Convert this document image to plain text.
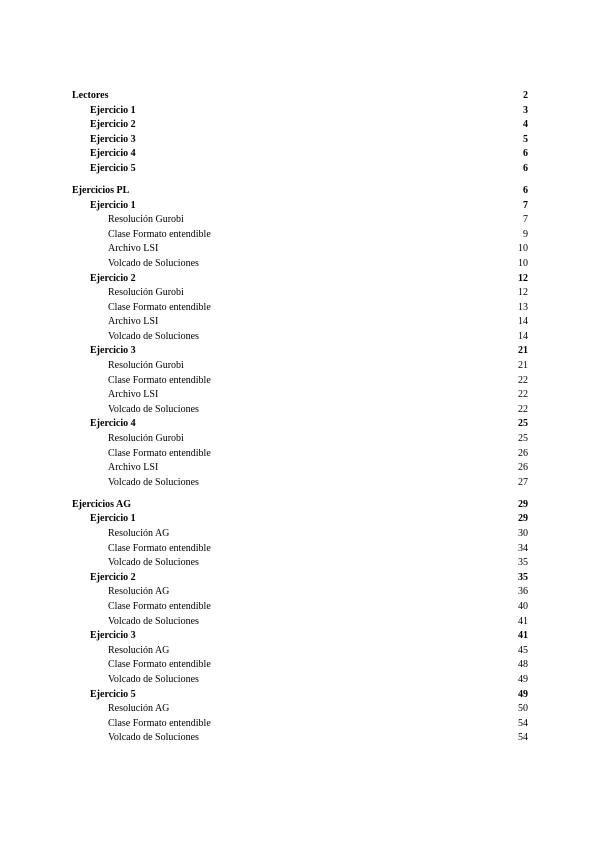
Lectores	2
Ejercicio 1	3
Ejercicio 2	4
Ejercicio 3	5
Ejercicio 4	6
Ejercicio 5	6
Ejercicios PL	6
Ejercicio 1	7
Resolución Gurobi	7
Clase Formato entendible	9
Archivo LSI	10
Volcado de Soluciones	10
Ejercicio 2	12
Resolución Gurobi	12
Clase Formato entendible	13
Archivo LSI	14
Volcado de Soluciones	14
Ejercicio 3	21
Resolución Gurobi	21
Clase Formato entendible	22
Archivo LSI	22
Volcado de Soluciones	22
Ejercicio 4	25
Resolución Gurobi	25
Clase Formato entendible	26
Archivo LSI	26
Volcado de Soluciones	27
Ejercicios AG	29
Ejercicio 1	29
Resolución AG	30
Clase Formato entendible	34
Volcado de Soluciones	35
Ejercicio 2	35
Resolución AG	36
Clase Formato entendible	40
Volcado de Soluciones	41
Ejercicio 3	41
Resolución AG	45
Clase Formato entendible	48
Volcado de Soluciones	49
Ejercicio 5	49
Resolución AG	50
Clase Formato entendible	54
Volcado de Soluciones	54
